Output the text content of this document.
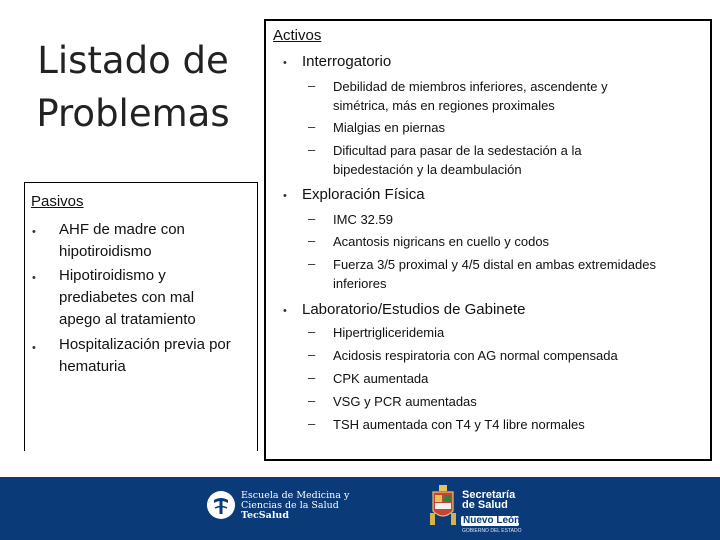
Listado de
Problemas
Pasivos
• AHF de madre con
hipotiroidismo
• Hipotiroidismo y
prediabetes con mal
apego al tratamiento
• Hospitalización previa por
hematuria
Activos
• Interrogatorio
– Debilidad de miembros inferiores, ascendente y
simétrica, más en regiones proximales
– Mialgias en piernas
– Dificultad para pasar de la sedestación a la
bipedestación y la deambulación
• Exploración Física
– IMC 32.59
– Acantosis nigricans en cuello y codos
– Fuerza 3/5 proximal y 4/5 distal en ambas extremidades
inferiores
• Laboratorio/Estudios de Gabinete
– Hipertrigliceridemia
– Acidosis respiratoria con AG normal compensada
– CPK aumentada
– VSG y PCR aumentadas
– TSH aumentada con T4 y T4 libre normales
Escuela de Medicina y
Ciencias de la Salud
TecSalud
Secretaría
de Salud
Nuevo León
GOBIERNO DEL ESTADO
